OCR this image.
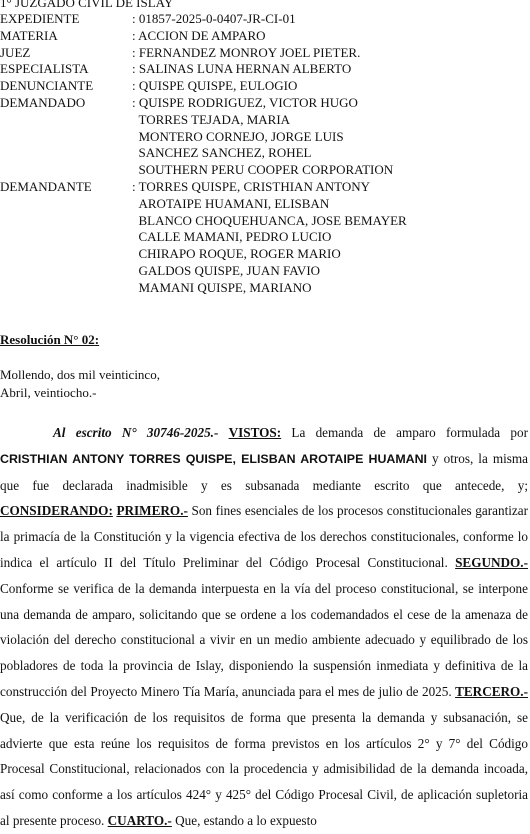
1° JUZGADO CIVIL DE ISLAY
EXPEDIENTE	: 01857-2025-0-0407-JR-CI-01
MATERIA	: ACCION DE AMPARO
JUEZ	: FERNANDEZ MONROY JOEL PIETER.
ESPECIALISTA	: SALINAS LUNA HERNAN ALBERTO
DENUNCIANTE	: QUISPE QUISPE, EULOGIO
DEMANDADO	: QUISPE RODRIGUEZ, VICTOR HUGO
TORRES TEJADA, MARIA
MONTERO CORNEJO, JORGE LUIS
SANCHEZ SANCHEZ, ROHEL
SOUTHERN PERU COOPER CORPORATION
DEMANDANTE	: TORRES QUISPE, CRISTHIAN ANTONY
AROTAIPE HUAMANI, ELISBAN
BLANCO CHOQUEHUANCA, JOSE BEMAYER
CALLE MAMANI, PEDRO LUCIO
CHIRAPO ROQUE, ROGER MARIO
GALDOS QUISPE, JUAN FAVIO
MAMANI QUISPE, MARIANO
Resolución N° 02:
Mollendo, dos mil veinticinco,
Abril, veintiocho.-

Al escrito N° 30746-2025.- VISTOS: La demanda de amparo formulada por CRISTHIAN ANTONY TORRES QUISPE, ELISBAN AROTAIPE HUAMANI y otros, la misma que fue declarada inadmisible y es subsanada mediante escrito que antecede, y; CONSIDERANDO: PRIMERO.- Son fines esenciales de los procesos constitucionales garantizar la primacía de la Constitución y la vigencia efectiva de los derechos constitucionales, conforme lo indica el artículo II del Título Preliminar del Código Procesal Constitucional. SEGUNDO.- Conforme se verifica de la demanda interpuesta en la vía del proceso constitucional, se interpone una demanda de amparo, solicitando que se ordene a los codemandados el cese de la amenaza de violación del derecho constitucional a vivir en un medio ambiente adecuado y equilibrado de los pobladores de toda la provincia de Islay, disponiendo la suspensión inmediata y definitiva de la construcción del Proyecto Minero Tía María, anunciada para el mes de julio de 2025. TERCERO.- Que, de la verificación de los requisitos de forma que presenta la demanda y subsanación, se advierte que esta reúne los requisitos de forma previstos en los artículos 2° y 7° del Código Procesal Constitucional, relacionados con la procedencia y admisibilidad de la demanda incoada, así como conforme a los artículos 424° y 425° del Código Procesal Civil, de aplicación supletoria al presente proceso. CUARTO.- Que, estando a lo expuesto
